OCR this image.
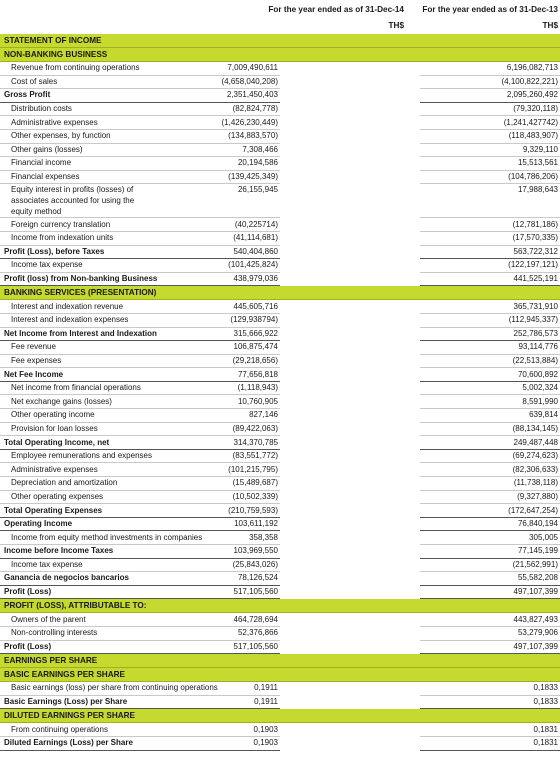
For the year ended as of 31-Dec-14
TH$
For the year ended as of 31-Dec-13
TH$
STATEMENT OF INCOME			
NON-BANKING BUSINESS			
Revenue from continuing operations	7,009,490,611		6,196,082,713
Cost of sales	(4,658,040,208)		(4,100,822,221)
Gross Profit	2,351,450,403		2,095,260,492
Distribution costs	(82,824,778)		(79,320,118)
Administrative expenses	(1,426,230,449)		(1,241,427742)
Other expenses, by function	(134,883,570)		(118,483,907)
Other gains (losses)	7,308,466		9,329,110
Financial income	20,194,586		15,513,561
Financial expenses	(139,425,349)		(104,786,206)
Equity interest in profits (losses) of associates accounted for using the equity method	26,155,945		17,988,643
Foreign currency translation	(40,225714)		(12,781,186)
Income from indexation units	(41,114,681)		(17,570,335)
Profit (Loss), before Taxes	540,404,860		563,722,312
Income tax expense	(101,425,824)		(122,197,121)
Profit (loss) from Non-banking Business	438,979,036		441,525,191
BANKING SERVICES (PRESENTATION)			
Interest and indexation revenue	445,605,716		365,731,910
Interest and indexation expenses	(129,938794)		(112,945,337)
Net Income from Interest and Indexation	315,666,922		252,786,573
Fee revenue	106,875,474		93,114,776
Fee expenses	(29,218,656)		(22,513,884)
Net Fee Income	77,656,818		70,600,892
Net income from financial operations	(1,118,943)		5,002,324
Net exchange gains (losses)	10,760,905		8,591,990
Other operating income	827,146		639,814
Provision for loan losses	(89,422,063)		(88,134,145)
Total Operating Income, net	314,370,785		249,487,448
Employee remunerations and expenses	(83,551,772)		(69,274,623)
Administrative expenses	(101,215,795)		(82,306,633)
Depreciation and amortization	(15,489,687)		(11,738,118)
Other operating expenses	(10,502,339)		(9,327,880)
Total Operating Expenses	(210,759,593)		(172,647,254)
Operating Income	103,611,192		76,840,194
Income from equity method investments in companies	358,358		305,005
Income before Income Taxes	103,969,550		77,145,199
Income tax expense	(25,843,026)		(21,562,991)
Ganancia de negocios bancarios	78,126,524		55,582,208
Profit (Loss)	517,105,560		497,107,399
PROFIT (LOSS), ATTRIBUTABLE TO:			
Owners of the parent	464,728,694		443,827,493
Non-controlling interests	52,376,866		53,279,906
Profit (Loss)	517,105,560		497,107,399
EARNINGS PER SHARE			
BASIC EARNINGS PER SHARE			
Basic earnings (loss) per share from continuing operations	0,1911		0,1833
Basic Earnings (Loss) per Share	0,1911		0,1833
DILUTED EARNINGS PER SHARE			
From continuing operations	0,1903		0,1831
Diluted Earnings (Loss) per Share	0,1903		0,1831
